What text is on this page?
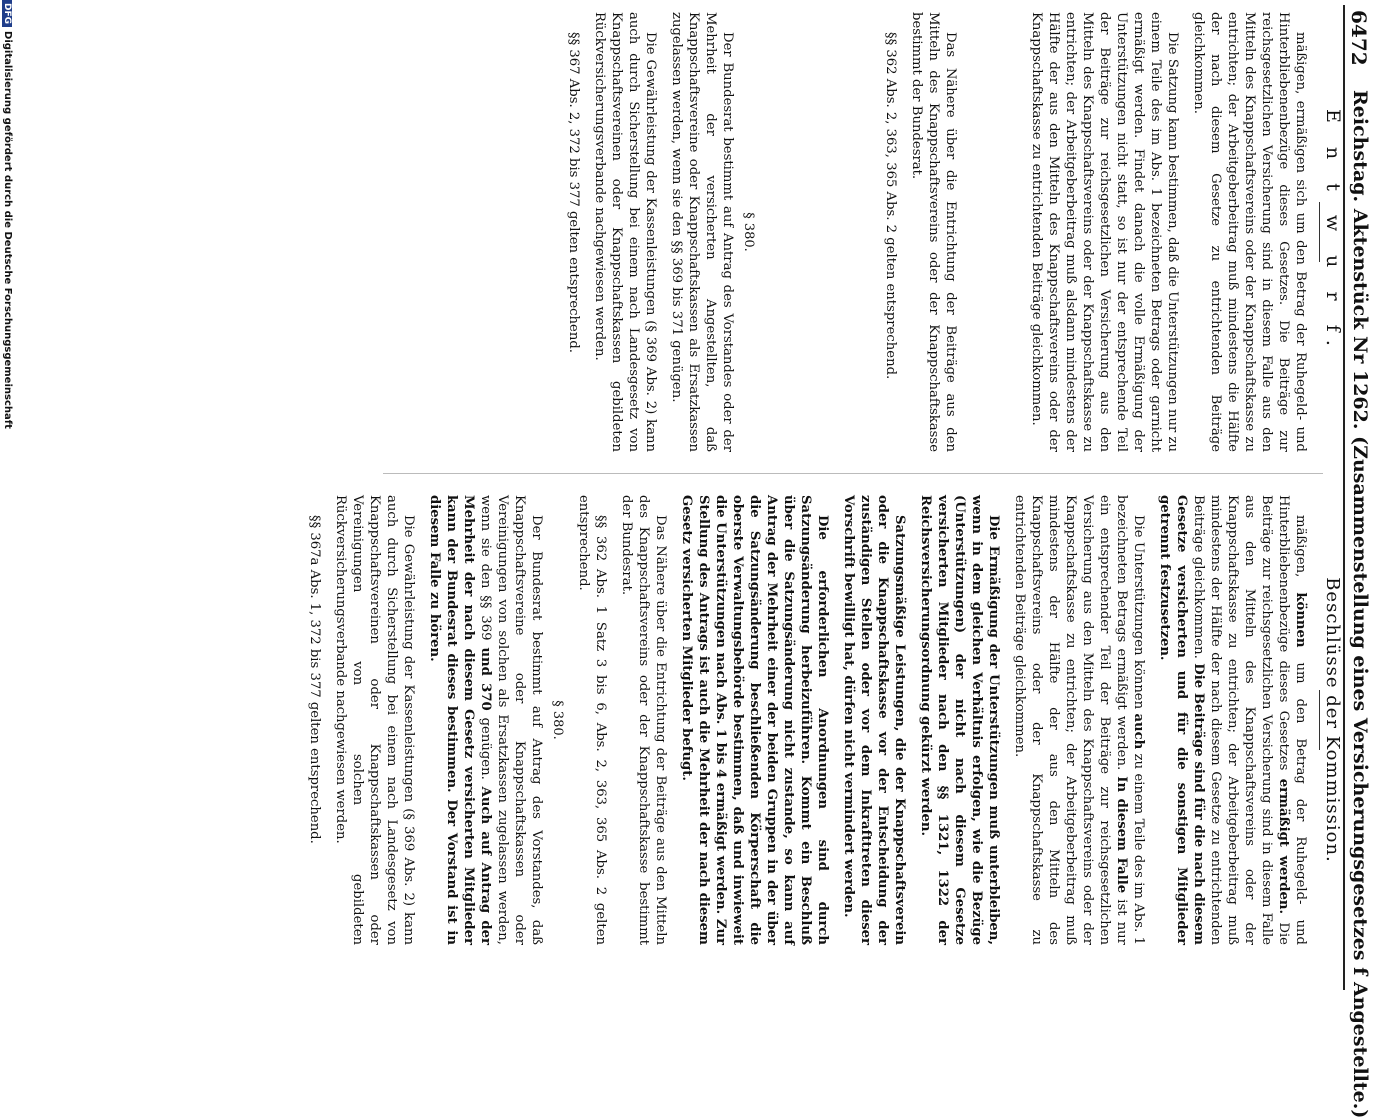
6472
Reichstag. Aktenstück Nr 1262. (Zusammenstellung eines Versicherungsgesetzes f Angestellte.)
E n t w u r f.

mäßigen, ermäßigen sich um den Betrag der Ruhegeld- und Hinterbliebenenbezüge dieses Gesetzes. Die Beiträge zur reichsgesetzlichen Versicherung sind in diesem Falle aus den Mitteln des Knappschaftsvereins oder der Knappschaftskasse zu entrichten; der Arbeitgeberbeitrag muß mindestens die Hälfte der nach diesem Gesetze zu entrichtenden Beiträge gleichkommen.

Die Satzung kann bestimmen, daß die Unterstützungen nur zu einem Teile des im Abs. 1 bezeichneten Betrags oder garnicht ermäßigt werden. Findet danach die volle Ermäßigung der Unterstützungen nicht statt, so ist nur der entsprechende Teil der Beiträge zur reichsgesetzlichen Versicherung aus den Mitteln des Knappschaftsvereins oder der Knappschaftskasse zu entrichten; der Arbeitgeberbeitrag muß alsdann mindestens der Hälfte der aus den Mitteln des Knappschaftsvereins oder der Knappschaftskasse zu entrichtenden Beiträge gleichkommen.

Das Nähere über die Entrichtung der Beiträge aus den Mitteln des Knappschaftsvereins oder der Knappschaftskasse bestimmt der Bundesrat.

§§ 362 Abs. 2, 363, 365 Abs. 2 gelten entsprechend.

§ 380.

Der Bundesrat bestimmt auf Antrag des Vorstandes oder der Mehrheit der versicherten Angestellten, daß Knappschaftsvereine oder Knappschaftskassen als Ersatzkassen zugelassen werden, wenn sie den §§ 369 bis 371 genügen.

Die Gewährleistung der Kassenleistungen (§ 369 Abs. 2) kann auch durch Sicherstellung bei einem nach Landesgesetz von Knappschaftsvereinen oder Knappschaftskassen gebildeten Rückversicherungsverbande nachgewiesen werden.

§§ 367 Abs. 2, 372 bis 377 gelten entsprechend.

Beschlüsse der Kommission.

mäßigen, können um den Betrag der Ruhegeld- und Hinterbliebenenbezüge dieses Gesetzes ermäßigt werden. Die Beiträge zur reichsgesetzlichen Versicherung sind in diesem Falle aus den Mitteln des Knappschaftsvereins oder der Knappschaftskasse zu entrichten; der Arbeitgeberbeitrag muß mindestens der Hälfte der nach diesem Gesetze zu entrichtenden Beiträge gleichkommen. Die Beiträge sind für die nach diesem Gesetze versicherten und für die sonstigen Mitglieder getrennt festzusetzen.

Die Unterstützungen können auch zu einem Teile des im Abs. 1 bezeichneten Betrags ermäßigt werden. In diesem Falle ist nur ein entsprechender Teil der Beiträge zur reichsgesetzlichen Versicherung aus den Mitteln des Knappschaftsvereins oder der Knappschaftskasse zu entrichten; der Arbeitgeberbeitrag muß mindestens der Hälfte der aus den Mitteln des Knappschaftsvereins oder der Knappschaftskasse zu entrichtenden Beiträge gleichkommen.

Die Ermäßigung der Unterstützungen muß unterbleiben, wenn in dem gleichen Verhältnis erfolgen, wie die Bezüge (Unterstützungen) der nicht nach diesem Gesetze versicherten Mitglieder nach den §§ 1321, 1322 der Reichsversicherungsordnung gekürzt werden.

Satzungsmäßige Leistungen, die der Knappschaftsverein oder die Knappschaftskasse vor der Entscheidung der zuständigen Stellen oder vor dem Inkrafttreten dieser Vorschrift bewilligt hat, dürfen nicht vermindert werden.

Die erforderlichen Anordnungen sind durch Satzungsänderung herbeizuführen. Kommt ein Beschluß über die Satzungsänderung nicht zustande, so kann auf Antrag der Mehrheit einer der beiden Gruppen in der über die Satzungsänderung beschließenden Körperschaft die oberste Verwaltungsbehörde bestimmen, daß und inwieweit die Unterstützungen nach Abs. 1 bis 4 ermäßigt werden. Zur Stellung des Antrags ist auch die Mehrheit der nach diesem Gesetz versicherten Mitglieder befugt.

Das Nähere über die Entrichtung der Beiträge aus den Mitteln des Knappschaftsvereins oder der Knappschaftskasse bestimmt der Bundesrat.

§§ 362 Abs. 1 Satz 3 bis 6, Abs. 2, 363, 365 Abs. 2 gelten entsprechend.

§ 380.

Der Bundesrat bestimmt auf Antrag des Vorstandes, daß Knappschaftsvereine oder Knappschaftskassen oder Vereinigungen von solchen als Ersatzkassen zugelassen werden, wenn sie den §§ 369 und 370 genügen. Auch auf Antrag der Mehrheit der nach diesem Gesetz versicherten Mitglieder kann der Bundesrat dieses bestimmen. Der Vorstand ist in diesem Falle zu hören.

Die Gewährleistung der Kassenleistungen (§ 369 Abs. 2) kann auch durch Sicherstellung bei einem nach Landesgesetz von Knappschaftsvereinen oder Knappschaftskassen oder Vereinigungen von solchen gebildeten Rückversicherungsverbande nachgewiesen werden.

§§ 367a Abs. 1, 372 bis 377 gelten entsprechend.

DFGDigitalisierung gefördert durch die Deutsche Forschungsgemeinschaft
